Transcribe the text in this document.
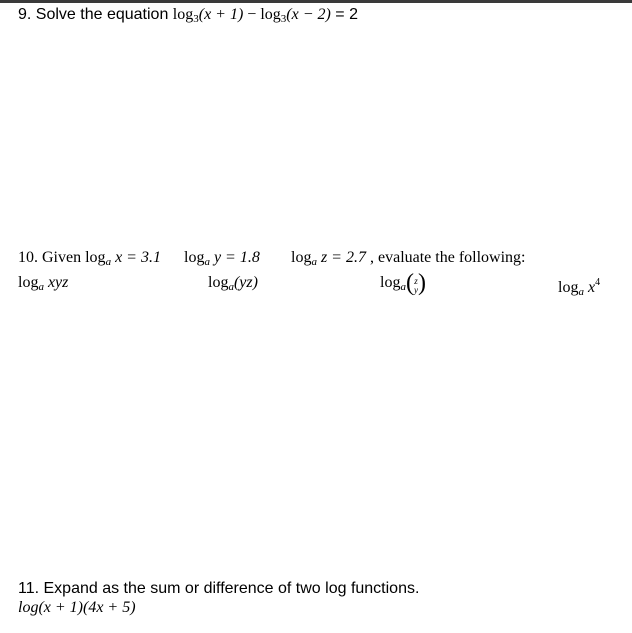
9. Solve the equation $\log_3(x + 1) - \log_3(x - 2) = 2$
10. Given $\log_a x = 3.1$ $\log_a y = 1.8$ $\log_a z = 2.7$ , evaluate the following:
$\log_a$ xyz	$\log_a(yz)$	$\log_a$( z
y )	$\log_a x^4$
11. Expand as the sum or difference of two log functions.
log(x + 1)(4x + 5)
